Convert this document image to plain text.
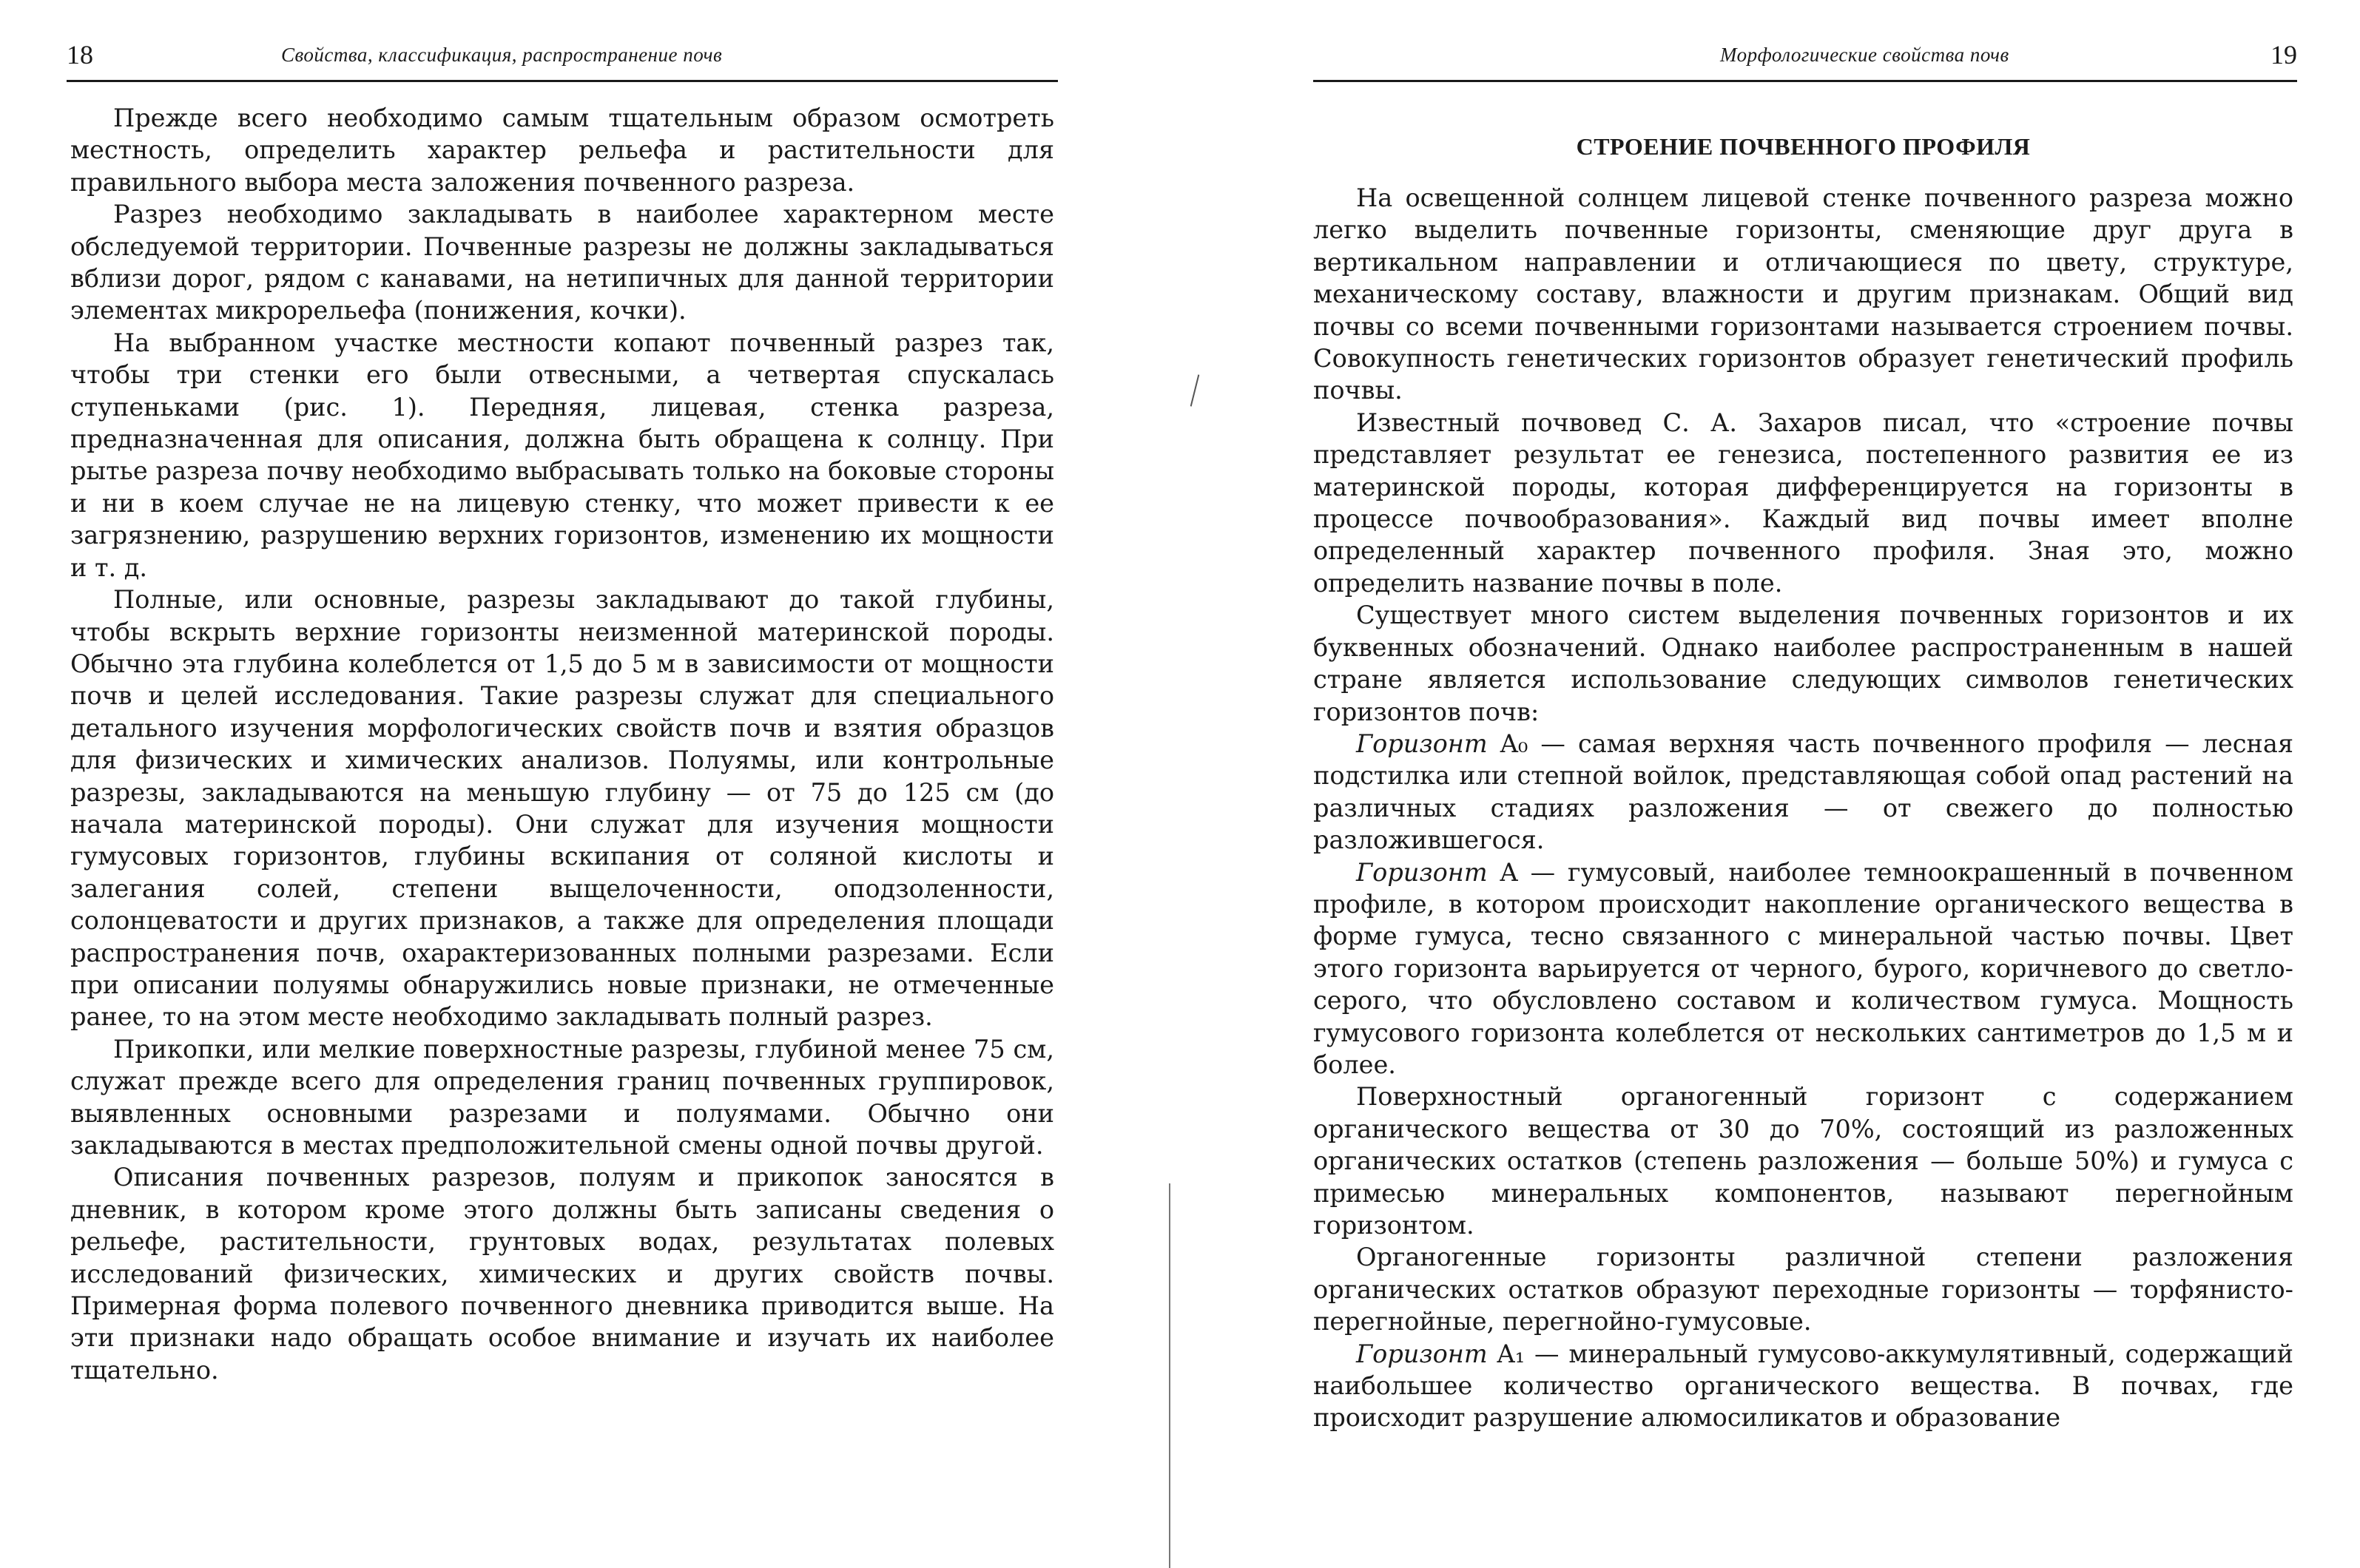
18	Свойства, классификация, распространение почв

Прежде всего необходимо самым тщательным образом осмотреть местность, определить характер рельефа и растительности для правильного выбора места заложения почвенного разреза.

Разрез необходимо закладывать в наиболее характерном месте обследуемой территории. Почвенные разрезы не должны закладываться вблизи дорог, рядом с канавами, на нетипичных для данной территории элементах микрорельефа (понижения, кочки).

На выбранном участке местности копают почвенный разрез так, чтобы три стенки его были отвесными, а четвертая спускалась ступеньками (рис. 1). Передняя, лицевая, стенка разреза, предназначенная для описания, должна быть обращена к солнцу. При рытье разреза почву необходимо выбрасывать только на боковые стороны и ни в коем случае не на лицевую стенку, что может привести к ее загрязнению, разрушению верхних горизонтов, изменению их мощности и т. д.

Полные, или основные, разрезы закладывают до такой глубины, чтобы вскрыть верхние горизонты неизменной материнской породы. Обычно эта глубина колеблется от 1,5 до 5 м в зависимости от мощности почв и целей исследования. Такие разрезы служат для специального детального изучения морфологических свойств почв и взятия образцов для физических и химических анализов. Полуямы, или контрольные разрезы, закладываются на меньшую глубину — от 75 до 125 см (до начала материнской породы). Они служат для изучения мощности гумусовых горизонтов, глубины вскипания от соляной кислоты и залегания солей, степени выщелоченности, оподзоленности, солонцеватости и других признаков, а также для определения площади распространения почв, охарактеризованных полными разрезами. Если при описании полуямы обнаружились новые признаки, не отмеченные ранее, то на этом месте необходимо закладывать полный разрез.

Прикопки, или мелкие поверхностные разрезы, глубиной менее 75 см, служат прежде всего для определения границ почвенных группировок, выявленных основными разрезами и полуямами. Обычно они закладываются в местах предположительной смены одной почвы другой.

Описания почвенных разрезов, полуям и прикопок заносятся в дневник, в котором кроме этого должны быть записаны сведения о рельефе, растительности, грунтовых водах, результатах полевых исследований физических, химических и других свойств почвы. Примерная форма полевого почвенного дневника приводится выше. На эти признаки надо обращать особое внимание и изучать их наиболее тщательно.

Морфологические свойства почв	19
СТРОЕНИЕ ПОЧВЕННОГО ПРОФИЛЯ

На освещенной солнцем лицевой стенке почвенного разреза можно легко выделить почвенные горизонты, сменяющие друг друга в вертикальном направлении и отличающиеся по цвету, структуре, механическому составу, влажности и другим признакам. Общий вид почвы со всеми почвенными горизонтами называется строением почвы. Совокупность генетических горизонтов образует генетический профиль почвы.

Известный почвовед С. А. Захаров писал, что «строение почвы представляет результат ее генезиса, постепенного развития ее из материнской породы, которая дифференцируется на горизонты в процессе почвообразования». Каждый вид почвы имеет вполне определенный характер почвенного профиля. Зная это, можно определить название почвы в поле.

Существует много систем выделения почвенных горизонтов и их буквенных обозначений. Однако наиболее распространенным в нашей стране является использование следующих символов генетических горизонтов почв:

Горизонт A₀ — самая верхняя часть почвенного профиля — лесная подстилка или степной войлок, представляющая собой опад растений на различных стадиях разложения — от свежего до полностью разложившегося.

Горизонт A — гумусовый, наиболее темноокрашенный в почвенном профиле, в котором происходит накопление органического вещества в форме гумуса, тесно связанного с минеральной частью почвы. Цвет этого горизонта варьируется от черного, бурого, коричневого до светло-серого, что обусловлено составом и количеством гумуса. Мощность гумусового горизонта колеблется от нескольких сантиметров до 1,5 м и более.

Поверхностный органогенный горизонт с содержанием органического вещества от 30 до 70%, состоящий из разложенных органических остатков (степень разложения — больше 50%) и гумуса с примесью минеральных компонентов, называют перегнойным горизонтом.

Органогенные горизонты различной степени разложения органических остатков образуют переходные горизонты — торфянисто-перегнойные, перегнойно-гумусовые.

Горизонт A₁ — минеральный гумусово-аккумулятивный, содержащий наибольшее количество органического вещества. В почвах, где происходит разрушение алюмосиликатов и образование
